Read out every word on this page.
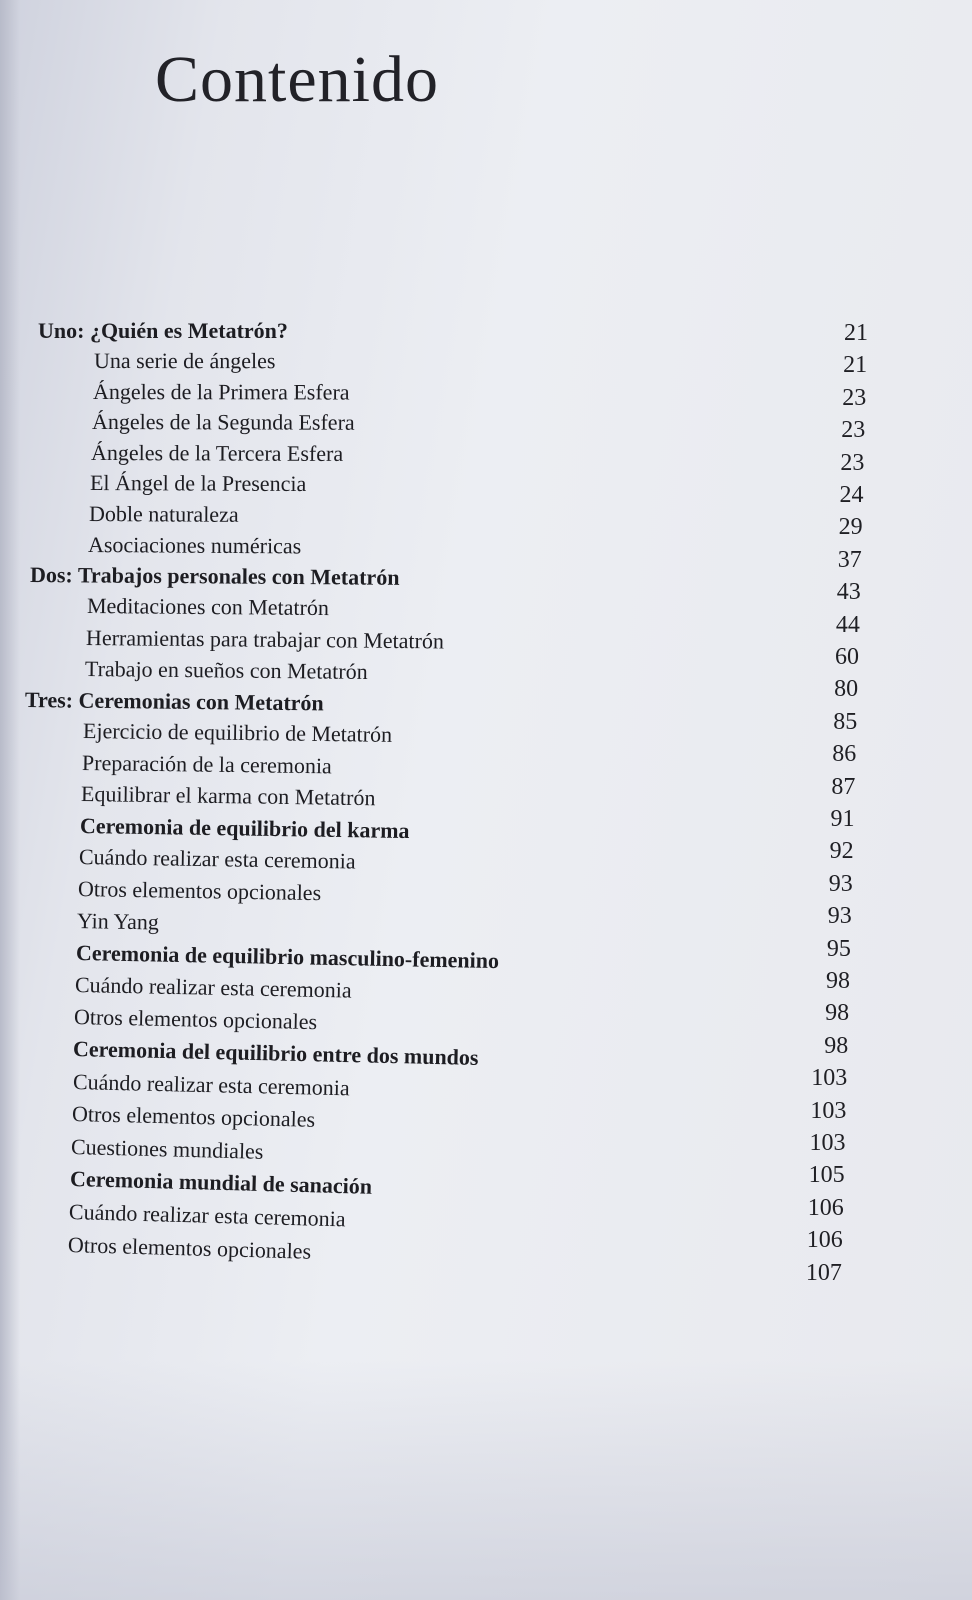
Contenido
Uno: ¿Quién es Metatrón?
Una serie de ángeles
Ángeles de la Primera Esfera
Ángeles de la Segunda Esfera
Ángeles de la Tercera Esfera
El Ángel de la Presencia
Doble naturaleza
Asociaciones numéricas
Dos: Trabajos personales con Metatrón
Meditaciones con Metatrón
Herramientas para trabajar con Metatrón
Trabajo en sueños con Metatrón
Tres: Ceremonias con Metatrón
Ejercicio de equilibrio de Metatrón
Preparación de la ceremonia
Equilibrar el karma con Metatrón
Ceremonia de equilibrio del karma
Cuándo realizar esta ceremonia
Otros elementos opcionales
Yin Yang
Ceremonia de equilibrio masculino-femenino
Cuándo realizar esta ceremonia
Otros elementos opcionales
Ceremonia del equilibrio entre dos mundos
Cuándo realizar esta ceremonia
Otros elementos opcionales
Cuestiones mundiales
Ceremonia mundial de sanación
Cuándo realizar esta ceremonia
Otros elementos opcionales
21
21
23
23
23
24
29
37
43
44
60
80
85
86
87
91
92
93
93
95
98
98
98
103
103
103
105
106
106
107
